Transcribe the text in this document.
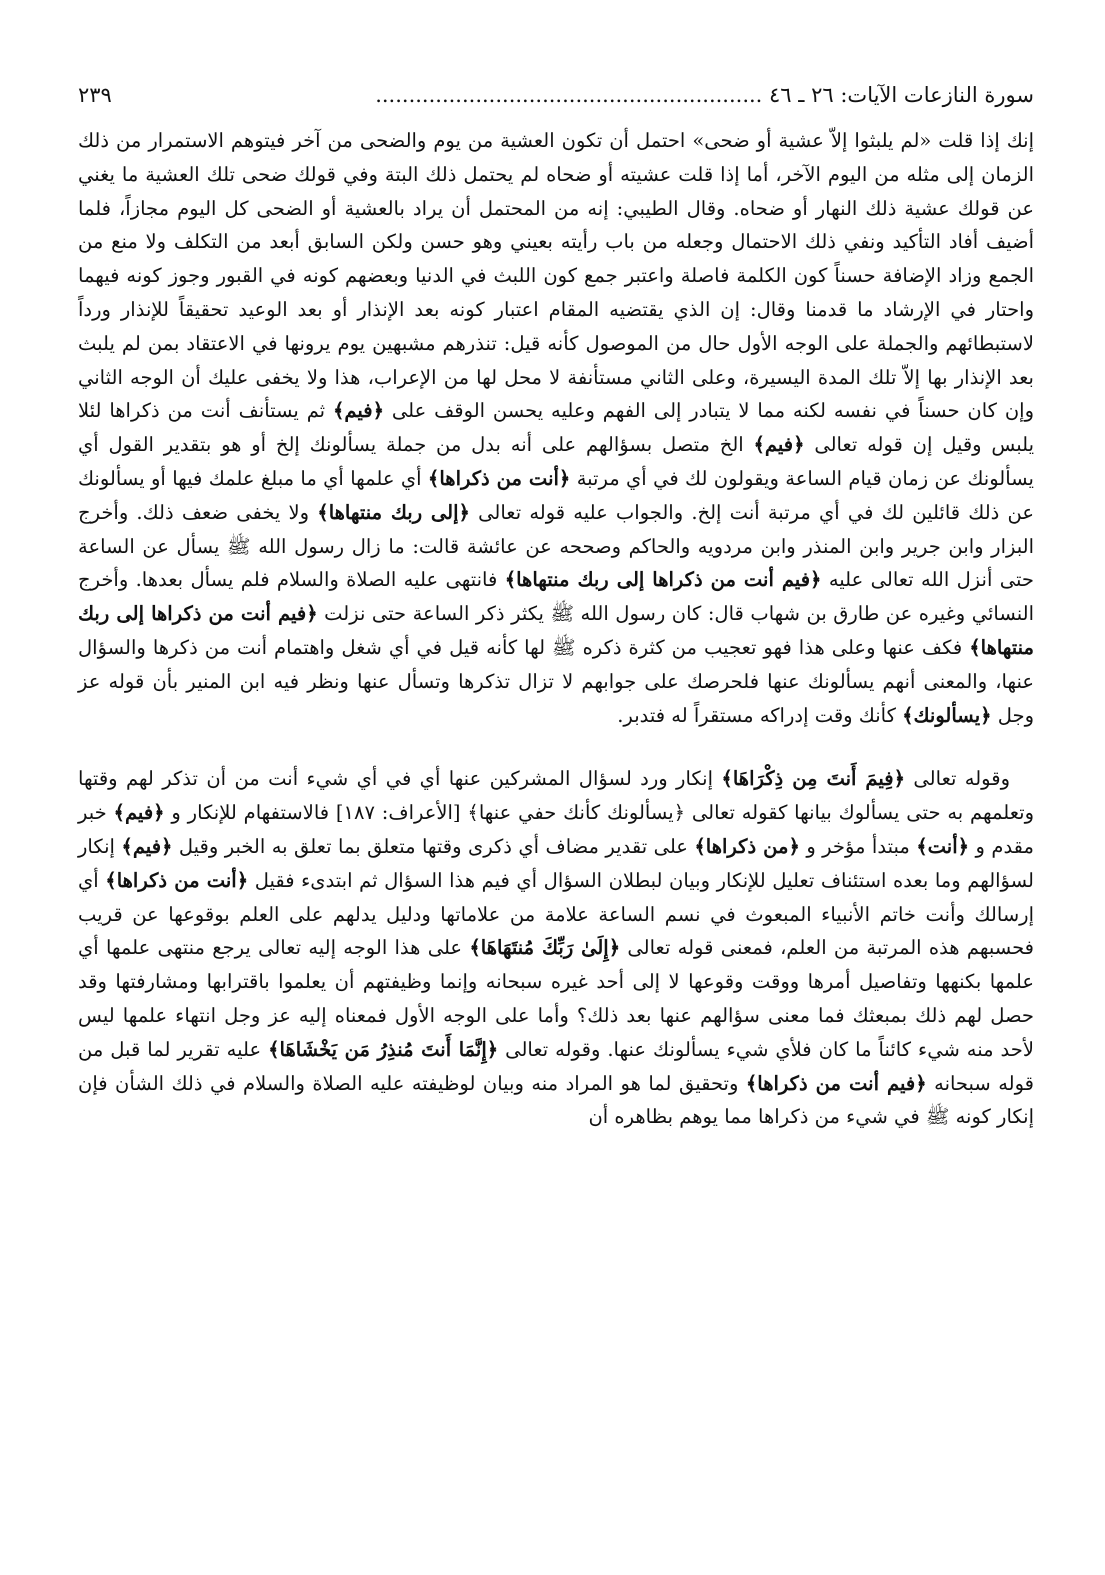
سورة النازعات الآيات: ٢٦ ـ ٤٦ ..........................................................
٢٣٩

إنك إذا قلت «لم يلبثوا إلاّ عشية أو ضحى» احتمل أن تكون العشية من يوم والضحى من آخر فيتوهم الاستمرار من ذلك الزمان إلى مثله من اليوم الآخر، أما إذا قلت عشيته أو ضحاه لم يحتمل ذلك البتة وفي قولك ضحى تلك العشية ما يغني عن قولك عشية ذلك النهار أو ضحاه. وقال الطيبي: إنه من المحتمل أن يراد بالعشية أو الضحى كل اليوم مجازاً، فلما أضيف أفاد التأكيد ونفي ذلك الاحتمال وجعله من باب رأيته بعيني وهو حسن ولكن السابق أبعد من التكلف ولا منع من الجمع وزاد الإضافة حسناً كون الكلمة فاصلة واعتبر جمع كون اللبث في الدنيا وبعضهم كونه في القبور وجوز كونه فيهما واحتار في الإرشاد ما قدمنا وقال: إن الذي يقتضيه المقام اعتبار كونه بعد الإنذار أو بعد الوعيد تحقيقاً للإنذار ورداً لاستبطائهم والجملة على الوجه الأول حال من الموصول كأنه قيل: تنذرهم مشبهين يوم يرونها في الاعتقاد بمن لم يلبث بعد الإنذار بها إلاّ تلك المدة اليسيرة، وعلى الثاني مستأنفة لا محل لها من الإعراب، هذا ولا يخفى عليك أن الوجه الثاني وإن كان حسناً في نفسه لكنه مما لا يتبادر إلى الفهم وعليه يحسن الوقف على ﴿فيم﴾ ثم يستأنف أنت من ذكراها لئلا يلبس وقيل إن قوله تعالى ﴿فيم﴾ الخ متصل بسؤالهم على أنه بدل من جملة يسألونك إلخ أو هو بتقدير القول أي يسألونك عن زمان قيام الساعة ويقولون لك في أي مرتبة ﴿أنت من ذكراها﴾ أي علمها أي ما مبلغ علمك فيها أو يسألونك عن ذلك قائلين لك في أي مرتبة أنت إلخ. والجواب عليه قوله تعالى ﴿إلى ربك منتهاها﴾ ولا يخفى ضعف ذلك. وأخرج البزار وابن جرير وابن المنذر وابن مردويه والحاكم وصححه عن عائشة قالت: ما زال رسول الله ﷺ يسأل عن الساعة حتى أنزل الله تعالى عليه ﴿فيم أنت من ذكراها إلى ربك منتهاها﴾ فانتهى عليه الصلاة والسلام فلم يسأل بعدها. وأخرج النسائي وغيره عن طارق بن شهاب قال: كان رسول الله ﷺ يكثر ذكر الساعة حتى نزلت ﴿فيم أنت من ذكراها إلى ربك منتهاها﴾ فكف عنها وعلى هذا فهو تعجيب من كثرة ذكره ﷺ لها كأنه قيل في أي شغل واهتمام أنت من ذكرها والسؤال عنها، والمعنى أنهم يسألونك عنها فلحرصك على جوابهم لا تزال تذكرها وتسأل عنها ونظر فيه ابن المنير بأن قوله عز وجل ﴿يسألونك﴾ كأنك وقت إدراكه مستقراً له فتدبر.

وقوله تعالى ﴿فِيمَ أَنتَ مِن ذِكْرَاهَا﴾ إنكار ورد لسؤال المشركين عنها أي في أي شيء أنت من أن تذكر لهم وقتها وتعلمهم به حتى يسألوك بيانها كقوله تعالى ﴿يسألونك كأنك حفي عنها﴾ [الأعراف: ١٨٧] فالاستفهام للإنكار و ﴿فيم﴾ خبر مقدم و ﴿أنت﴾ مبتدأ مؤخر و ﴿من ذكراها﴾ على تقدير مضاف أي ذكرى وقتها متعلق بما تعلق به الخبر وقيل ﴿فيم﴾ إنكار لسؤالهم وما بعده استئناف تعليل للإنكار وبيان لبطلان السؤال أي فيم هذا السؤال ثم ابتدىء فقيل ﴿أنت من ذكراها﴾ أي إرسالك وأنت خاتم الأنبياء المبعوث في نسم الساعة علامة من علاماتها ودليل يدلهم على العلم بوقوعها عن قريب فحسبهم هذه المرتبة من العلم، فمعنى قوله تعالى ﴿إِلَىٰ رَبِّكَ مُنتَهَاهَا﴾ على هذا الوجه إليه تعالى يرجع منتهى علمها أي علمها بكنهها وتفاصيل أمرها ووقت وقوعها لا إلى أحد غيره سبحانه وإنما وظيفتهم أن يعلموا باقترابها ومشارفتها وقد حصل لهم ذلك بمبعثك فما معنى سؤالهم عنها بعد ذلك؟ وأما على الوجه الأول فمعناه إليه عز وجل انتهاء علمها ليس لأحد منه شيء كائناً ما كان فلأي شيء يسألونك عنها. وقوله تعالى ﴿إِنَّمَا أَنتَ مُنذِرُ مَن يَخْشَاهَا﴾ عليه تقرير لما قبل من قوله سبحانه ﴿فيم أنت من ذكراها﴾ وتحقيق لما هو المراد منه وبيان لوظيفته عليه الصلاة والسلام في ذلك الشأن فإن إنكار كونه ﷺ في شيء من ذكراها مما يوهم بظاهره أن
